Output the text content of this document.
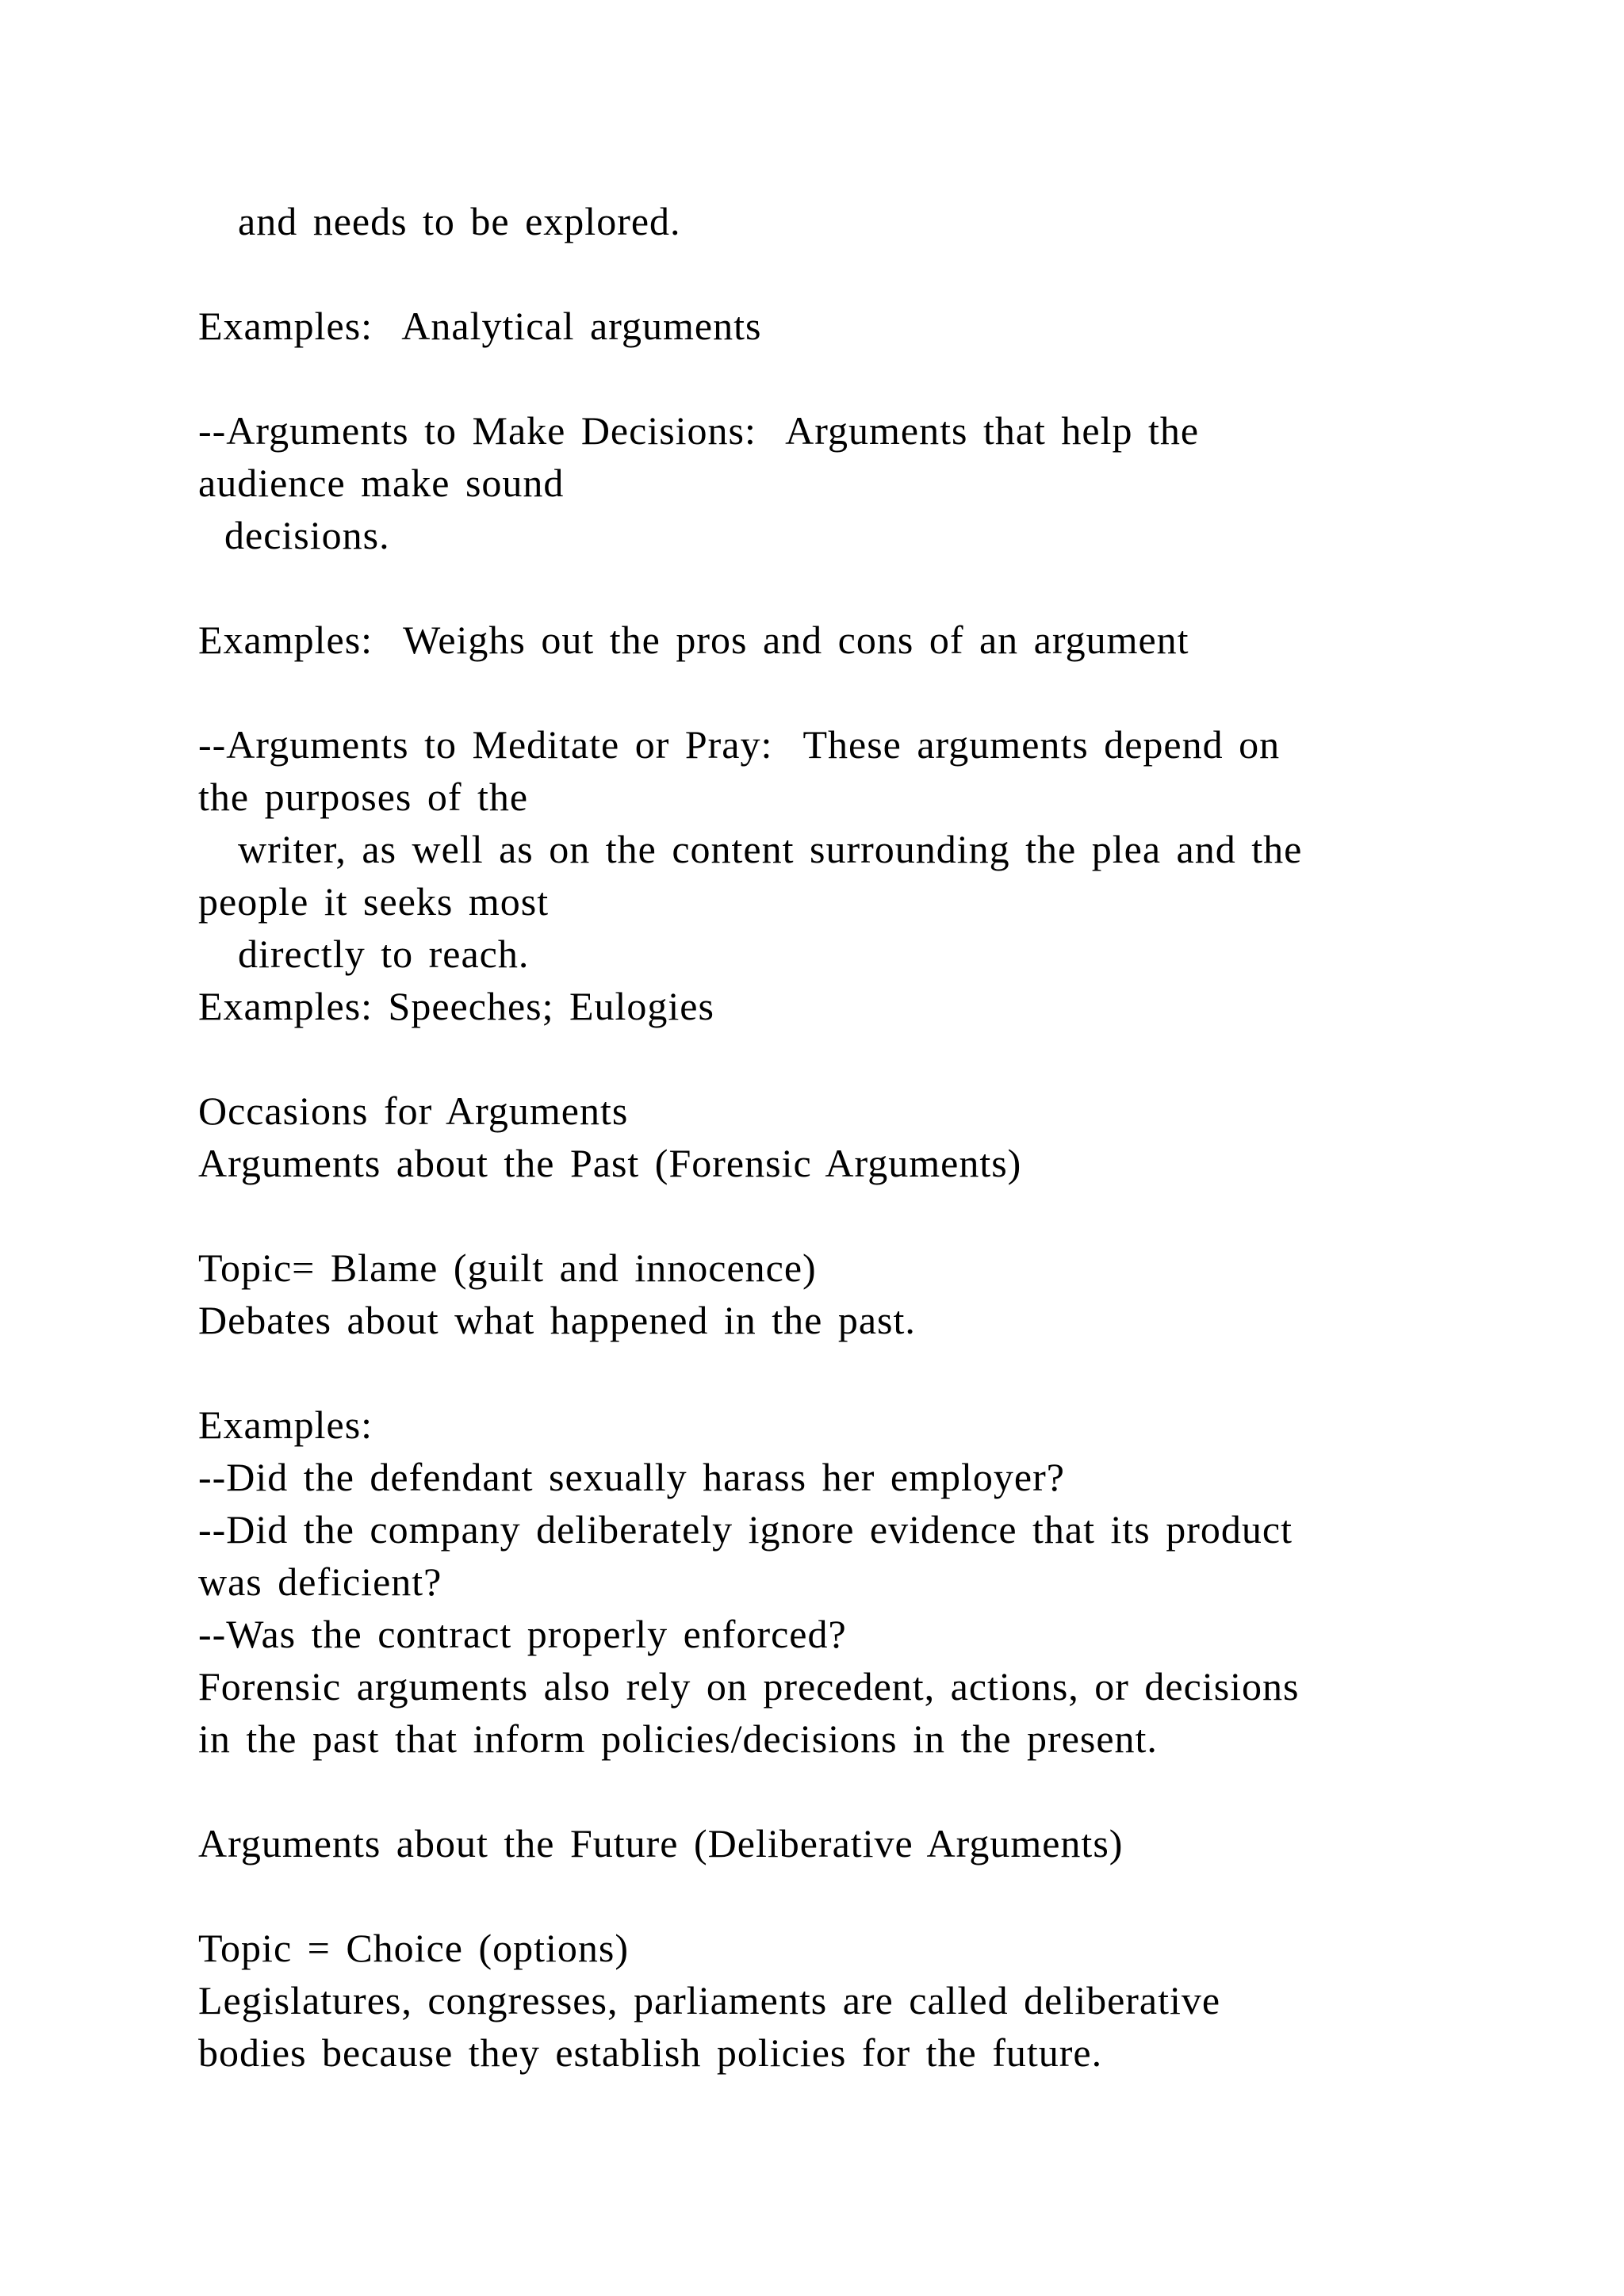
and needs to be explored.
Examples:  Analytical arguments
--Arguments to Make Decisions:  Arguments that help the
audience make sound
decisions.
Examples:  Weighs out the pros and cons of an argument
--Arguments to Meditate or Pray:  These arguments depend on
the purposes of the
writer, as well as on the content surrounding the plea and the
people it seeks most
directly to reach.
Examples: Speeches; Eulogies
Occasions for Arguments
Arguments about the Past (Forensic Arguments)
Topic= Blame (guilt and innocence)
Debates about what happened in the past.
Examples:
--Did the defendant sexually harass her employer?
--Did the company deliberately ignore evidence that its product
was deficient?
--Was the contract properly enforced?
Forensic arguments also rely on precedent, actions, or decisions
in the past that inform policies/decisions in the present.
Arguments about the Future (Deliberative Arguments)
Topic = Choice (options)
Legislatures, congresses, parliaments are called deliberative
bodies because they establish policies for the future.
